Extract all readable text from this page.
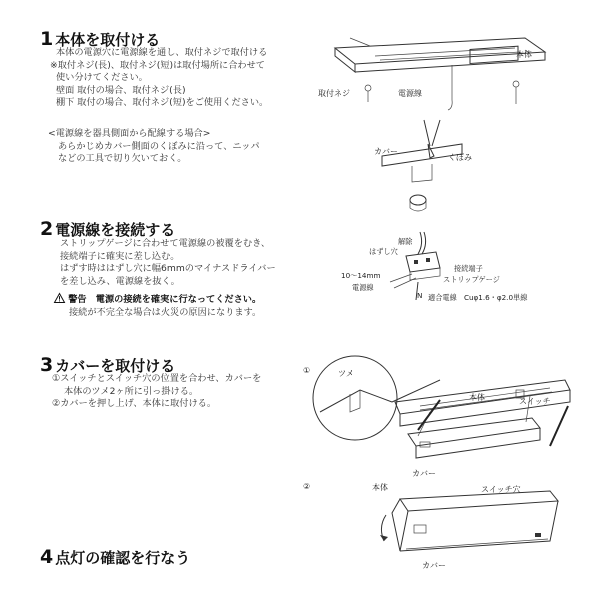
1 本体を取付ける
本体の電源穴に電源線を通し、取付ネジで取付ける
※取付ネジ(長)、取付ネジ(短)は取付場所に合わせて
使い分けてください。
壁面 取付の場合、取付ネジ(長)
棚下 取付の場合、取付ネジ(短)をご使用ください。
<電源線を器具側面から配線する場合>
あらかじめカバー側面のくぼみに沿って、ニッパ
などの工具で切り欠いておく。
本体
取付ネジ	電源線
カバー
くぼみ
2 電源線を接続する
ストリップゲージに合わせて電源線の被覆をむき、
接続端子に確実に差し込む。
はずす時ははずし穴に幅6mmのマイナスドライバー
を差し込み、電源線を抜く。
警告　電源の接続を確実に行なってください。
接続が不完全な場合は火災の原因になります。
解除
はずし穴
接続端子
ストリップゲージ
10～14mm
電源線
N 適合電線　Cuφ1.6・φ2.0単線
3 カバーを取付ける
①スイッチとスイッチ穴の位置を合わせ、カバーを
本体のツメ2ヶ所に引っ掛ける。
②カバーを押し上げ、本体に取付ける。
①	ツメ
本体	スイッチ
カバー
スイッチ穴
②	本体
カバー
4 点灯の確認を行なう
